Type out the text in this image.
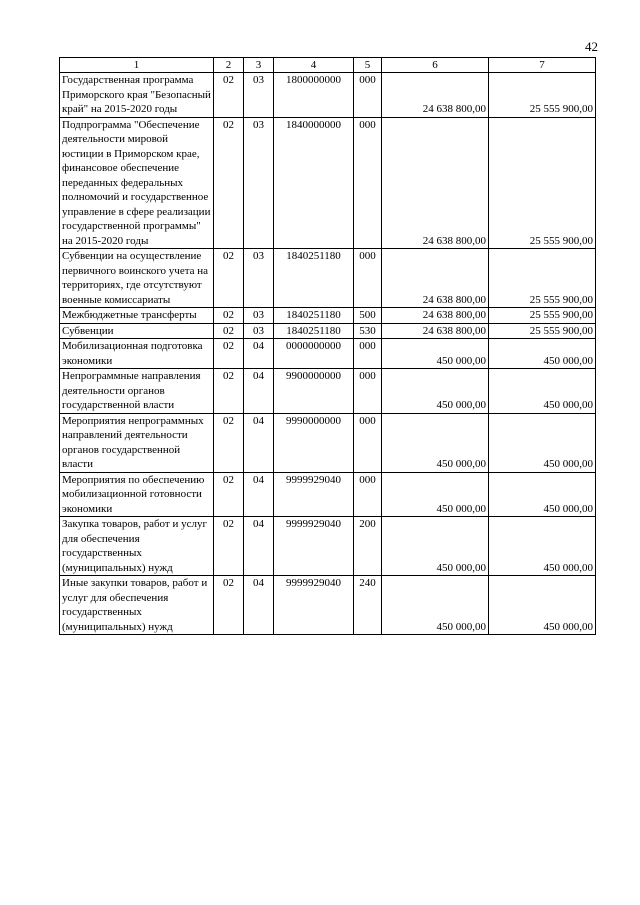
42
1	2	3	4	5	6	7
Государственная программа Приморского края "Безопасный край" на 2015-2020 годы	02	03	1800000000	000	24 638 800,00	25 555 900,00
Подпрограмма "Обеспечение деятельности мировой юстиции в Приморском крае, финансовое обеспечение переданных федеральных полномочий и государственное управление в сфере реализации государственной программы" на 2015-2020 годы	02	03	1840000000	000	24 638 800,00	25 555 900,00
Субвенции на осуществление первичного воинского учета на территориях, где отсутствуют военные комиссариаты	02	03	1840251180	000	24 638 800,00	25 555 900,00
Межбюджетные трансферты	02	03	1840251180	500	24 638 800,00	25 555 900,00
Субвенции	02	03	1840251180	530	24 638 800,00	25 555 900,00
Мобилизационная подготовка экономики	02	04	0000000000	000	450 000,00	450 000,00
Непрограммные направления деятельности органов государственной власти	02	04	9900000000	000	450 000,00	450 000,00
Мероприятия непрограммных направлений деятельности органов государственной власти	02	04	9990000000	000	450 000,00	450 000,00
Мероприятия по обеспечению мобилизационной готовности экономики	02	04	9999929040	000	450 000,00	450 000,00
Закупка товаров, работ и услуг для обеспечения государственных (муниципальных) нужд	02	04	9999929040	200	450 000,00	450 000,00
Иные закупки товаров, работ и услуг для обеспечения государственных (муниципальных) нужд	02	04	9999929040	240	450 000,00	450 000,00
